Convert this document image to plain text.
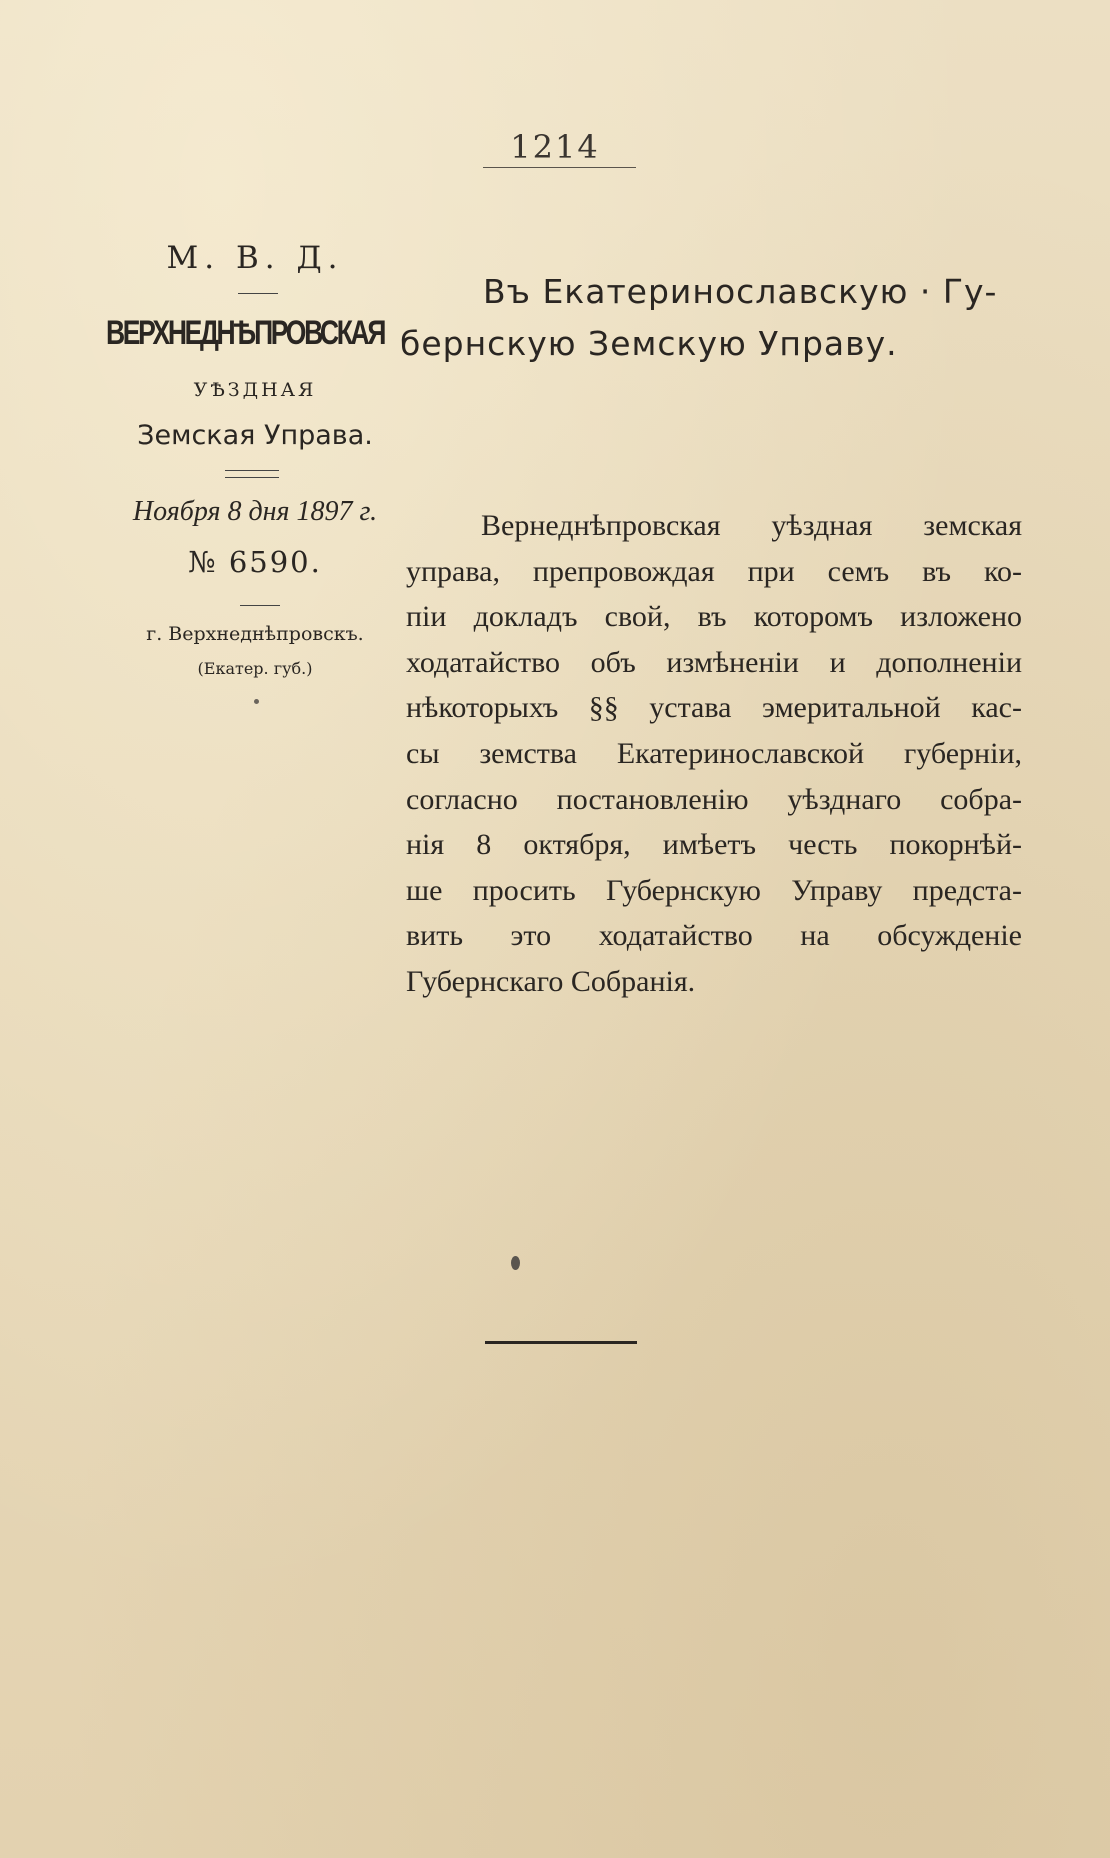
1214
М. В. Д.
ВЕРХНЕДНѢПРОВСКАЯ
УѢЗДНАЯ
Земская Управа.
Ноября 8 дня 1897 г.
№ 6590.
г. Верхнеднѣпровскъ.
(Екатер. губ.)
Въ Екатеринославскую · Гу-
бернскую Земскую Управу.
Вернеднѣпровская уѣздная земская
управа, препровождая при семъ въ ко-
піи докладъ свой, въ которомъ изложено
ходатайство объ измѣненіи и дополненіи
нѣкоторыхъ §§ устава эмеритальной кас-
сы земства Екатеринославской губерніи,
согласно постановленію уѣзднаго собра-
нія 8 октября, имѣетъ честь покорнѣй-
ше просить Губернскую Управу предста-
вить это ходатайство на обсужденіе
Губернскаго Собранія.
